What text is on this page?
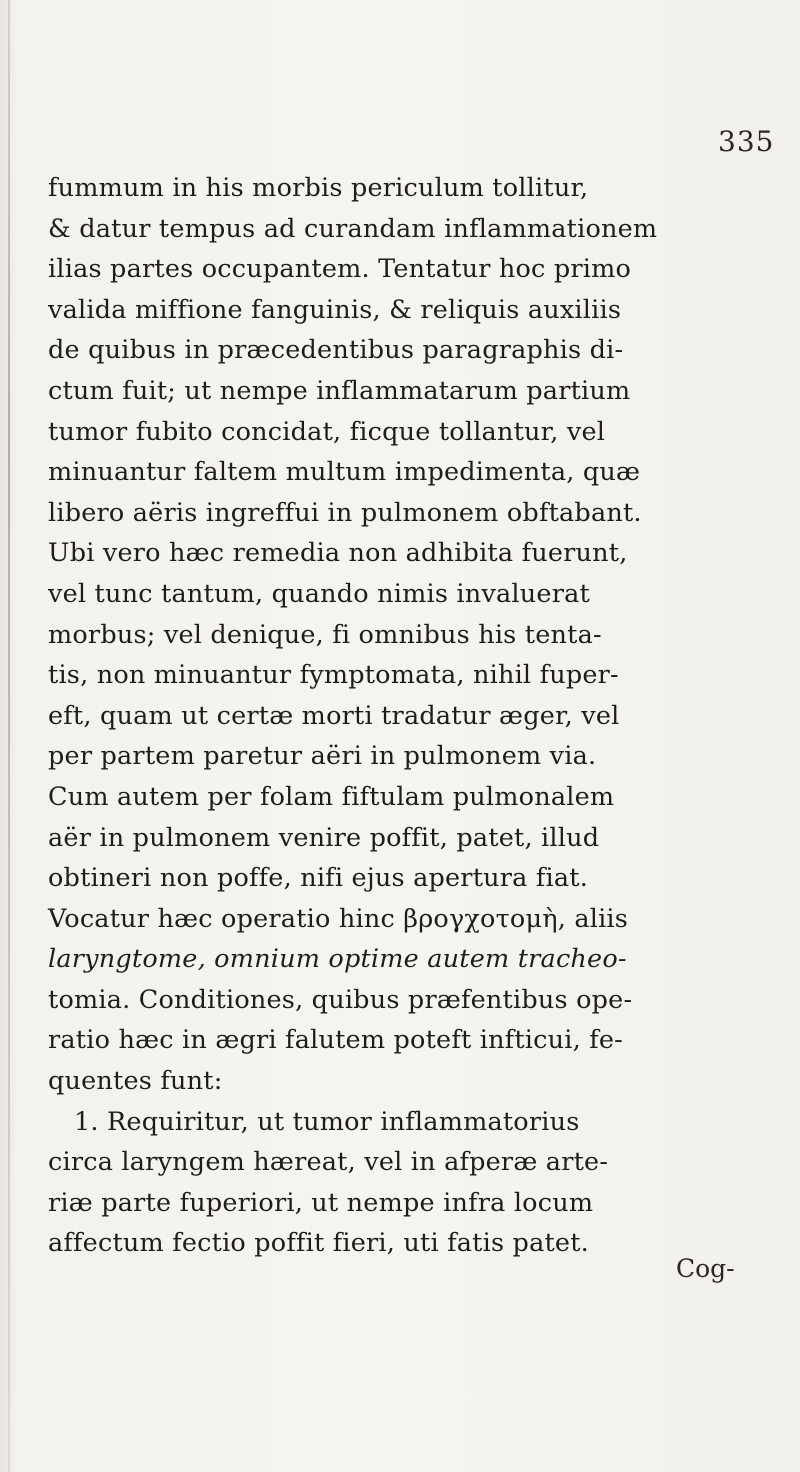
335
fummum in his morbis periculum tollitur,
& datur tempus ad curandam inflammationem
ilias partes occupantem. Tentatur hoc primo
valida miffione fanguinis, & reliquis auxiliis
de quibus in præcedentibus paragraphis di-
ctum fuit; ut nempe inflammatarum partium
tumor fubito concidat, ficque tollantur, vel
minuantur faltem multum impedimenta, quæ
libero aëris ingreffui in pulmonem obftabant.
Ubi vero hæc remedia non adhibita fuerunt,
vel tunc tantum, quando nimis invaluerat
morbus; vel denique, fi omnibus his tenta-
tis, non minuantur fymptomata, nihil fuper-
eft, quam ut certæ morti tradatur æger, vel
per partem paretur aëri in pulmonem via.
Cum autem per folam fiftulam pulmonalem
aër in pulmonem venire poffit, patet, illud
obtineri non poffe, nifi ejus apertura fiat.
Vocatur hæc operatio hinc βρογχοτομὴ, aliis
laryngtome, omnium optime autem tracheo-
tomia. Conditiones, quibus præfentibus ope-
ratio hæc in ægri falutem poteft infticui, fe-
quentes funt:
1. Requiritur, ut tumor inflammatorius
circa laryngem hæreat, vel in afperæ arte-
riæ parte fuperiori, ut nempe infra locum
affectum fectio poffit fieri, uti fatis patet.
Cog-
